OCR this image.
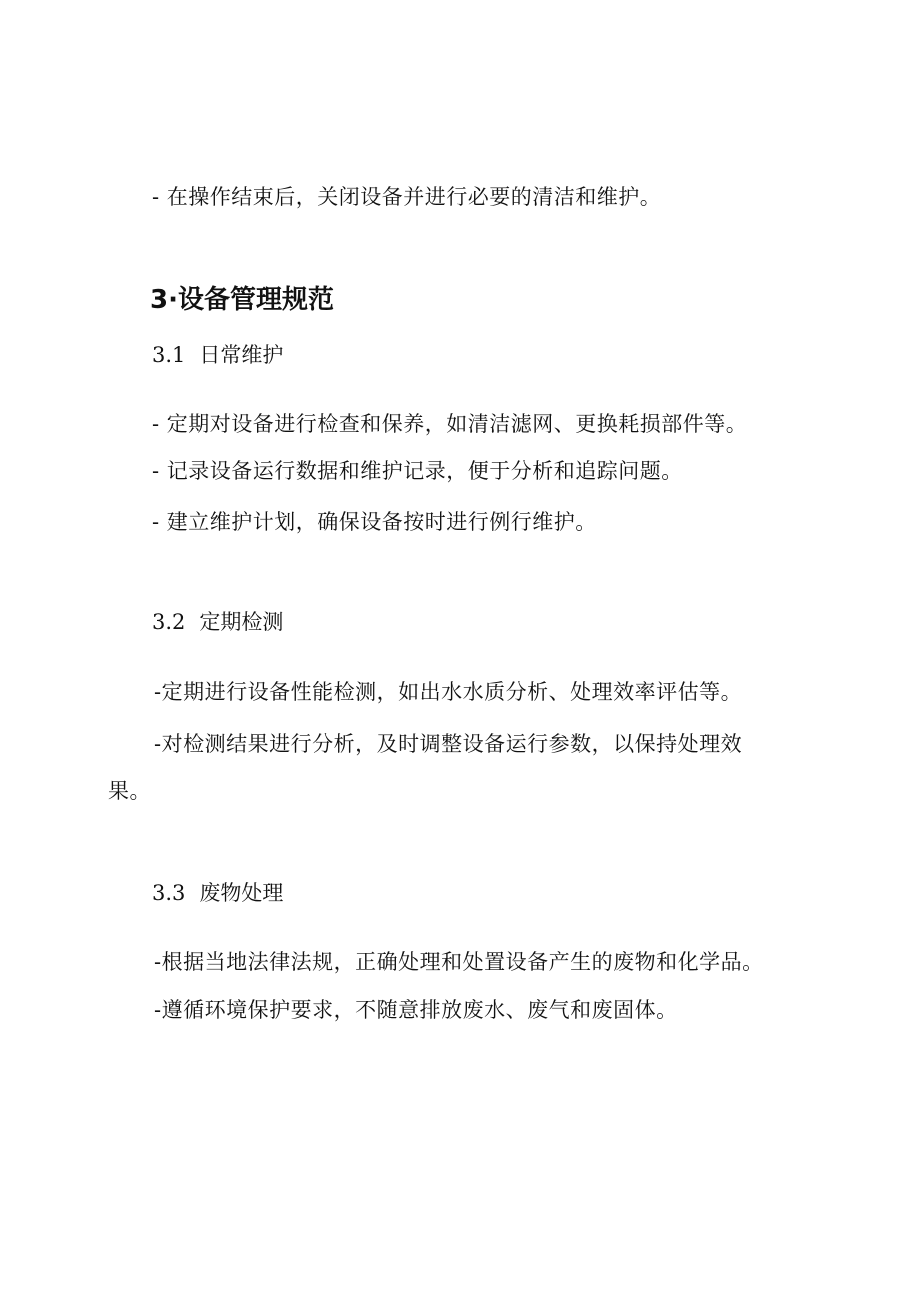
- 在操作结束后，关闭设备并进行必要的清洁和维护。
3·设备管理规范
3.1 日常维护
- 定期对设备进行检查和保养，如清洁滤网、更换耗损部件等。
- 记录设备运行数据和维护记录，便于分析和追踪问题。
- 建立维护计划，确保设备按时进行例行维护。
3.2 定期检测
-定期进行设备性能检测，如出水水质分析、处理效率评估等。
-对检测结果进行分析，及时调整设备运行参数，以保持处理效
果。
3.3 废物处理
-根据当地法律法规，正确处理和处置设备产生的废物和化学品。
-遵循环境保护要求，不随意排放废水、废气和废固体。
